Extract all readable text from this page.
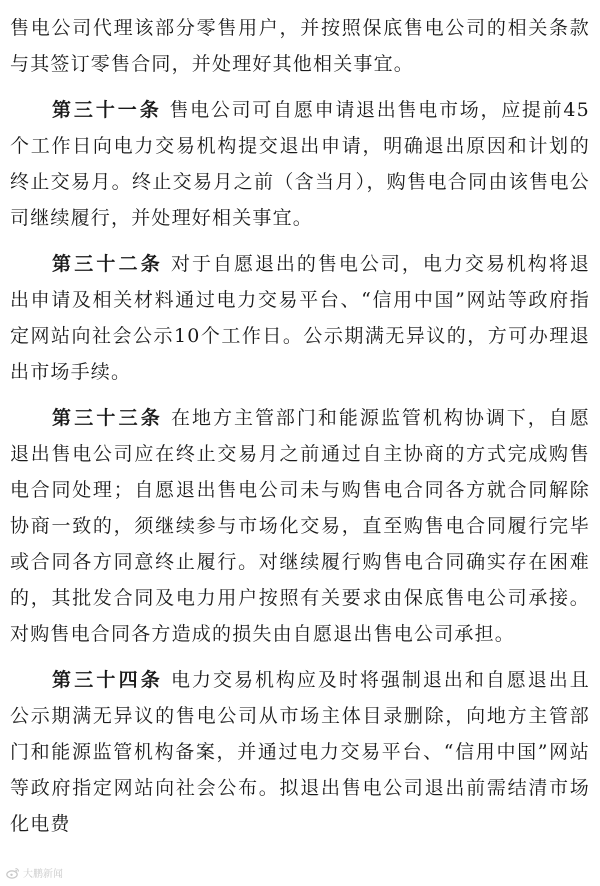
售电公司代理该部分零售用户，并按照保底售电公司的相关条款与其签订零售合同，并处理好其他相关事宜。

第三十一条 售电公司可自愿申请退出售电市场，应提前45个工作日向电力交易机构提交退出申请，明确退出原因和计划的终止交易月。终止交易月之前（含当月），购售电合同由该售电公司继续履行，并处理好相关事宜。

第三十二条 对于自愿退出的售电公司，电力交易机构将退出申请及相关材料通过电力交易平台、“信用中国”网站等政府指定网站向社会公示10个工作日。公示期满无异议的，方可办理退出市场手续。

第三十三条 在地方主管部门和能源监管机构协调下，自愿退出售电公司应在终止交易月之前通过自主协商的方式完成购售电合同处理；自愿退出售电公司未与购售电合同各方就合同解除协商一致的，须继续参与市场化交易，直至购售电合同履行完毕或合同各方同意终止履行。对继续履行购售电合同确实存在困难的，其批发合同及电力用户按照有关要求由保底售电公司承接。对购售电合同各方造成的损失由自愿退出售电公司承担。

第三十四条 电力交易机构应及时将强制退出和自愿退出且公示期满无异议的售电公司从市场主体目录删除，向地方主管部门和能源监管机构备案，并通过电力交易平台、“信用中国”网站等政府指定网站向社会公布。拟退出售电公司退出前需结清市场化电费

大鹏新闻
